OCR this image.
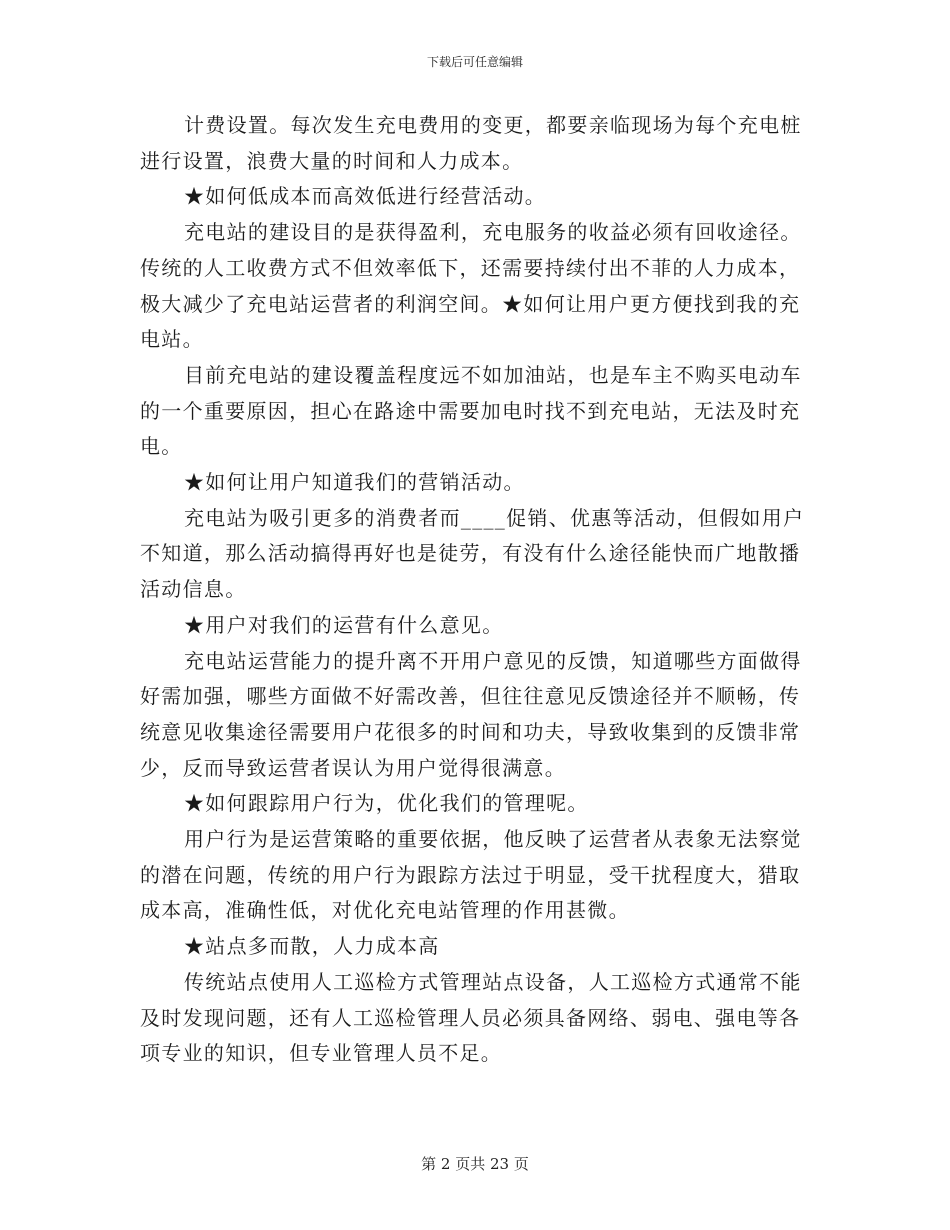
下载后可任意编辑

计费设置。每次发生充电费用的变更，都要亲临现场为每个充电桩进行设置，浪费大量的时间和人力成本。

★如何低成本而高效低进行经营活动。

充电站的建设目的是获得盈利，充电服务的收益必须有回收途径。传统的人工收费方式不但效率低下，还需要持续付出不菲的人力成本，极大减少了充电站运营者的利润空间。★如何让用户更方便找到我的充电站。

目前充电站的建设覆盖程度远不如加油站，也是车主不购买电动车的一个重要原因，担心在路途中需要加电时找不到充电站，无法及时充电。

★如何让用户知道我们的营销活动。

充电站为吸引更多的消费者而____促销、优惠等活动，但假如用户不知道，那么活动搞得再好也是徒劳，有没有什么途径能快而广地散播活动信息。

★用户对我们的运营有什么意见。

充电站运营能力的提升离不开用户意见的反馈，知道哪些方面做得好需加强，哪些方面做不好需改善，但往往意见反馈途径并不顺畅，传统意见收集途径需要用户花很多的时间和功夫，导致收集到的反馈非常少，反而导致运营者误认为用户觉得很满意。

★如何跟踪用户行为，优化我们的管理呢。

用户行为是运营策略的重要依据，他反映了运营者从表象无法察觉的潜在问题，传统的用户行为跟踪方法过于明显，受干扰程度大，猎取成本高，准确性低，对优化充电站管理的作用甚微。

★站点多而散，人力成本高

传统站点使用人工巡检方式管理站点设备，人工巡检方式通常不能及时发现问题，还有人工巡检管理人员必须具备网络、弱电、强电等各项专业的知识，但专业管理人员不足。

第 2 页共 23 页
